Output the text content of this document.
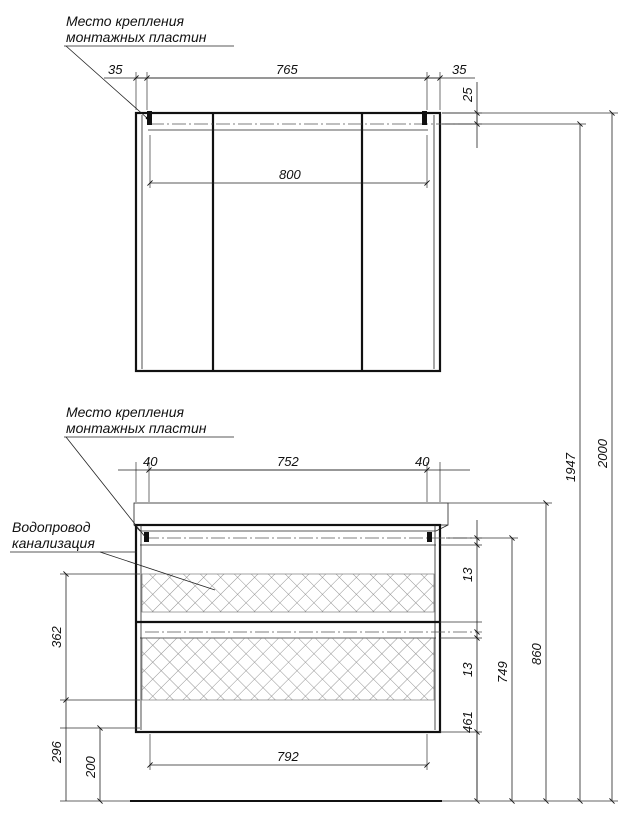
35	765	35
800
25
Место крепления
монтажных пластин
40	752	40
792
Место крепления
монтажных пластин
Водопровод
канализация
362
296
200
13
13
461
749
860
1947 2000
